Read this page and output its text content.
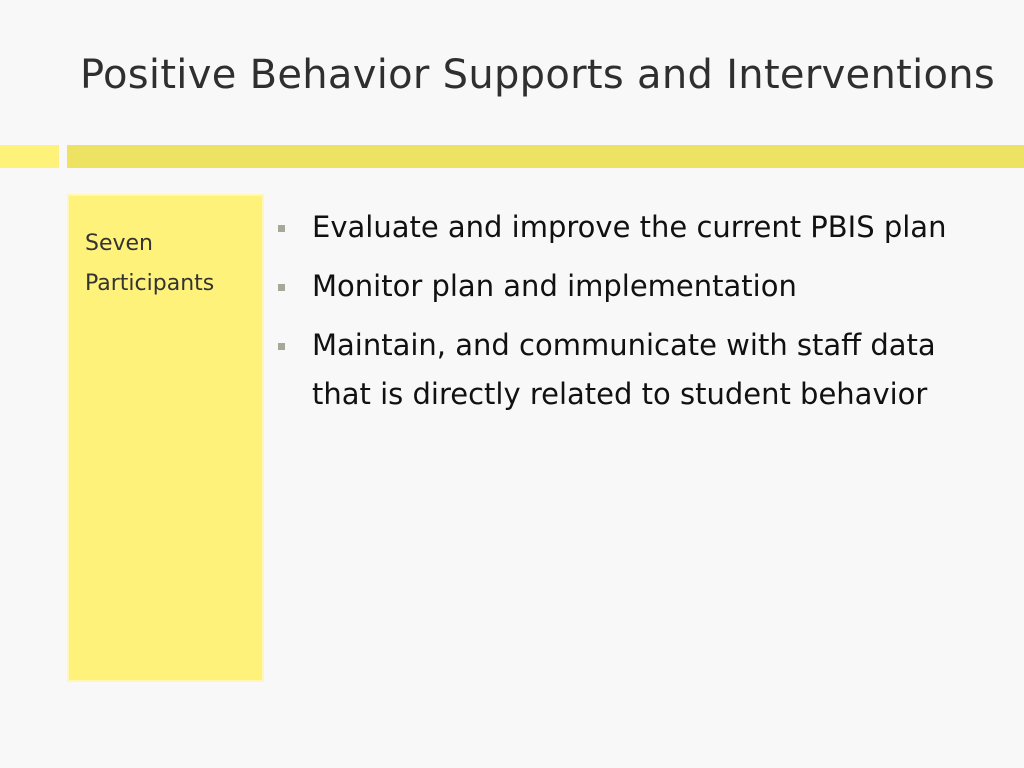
Positive Behavior Supports and Interventions
Seven Participants
Evaluate and improve the current PBIS plan
Monitor plan and implementation
Maintain, and communicate with staff data that is directly related to student behavior
